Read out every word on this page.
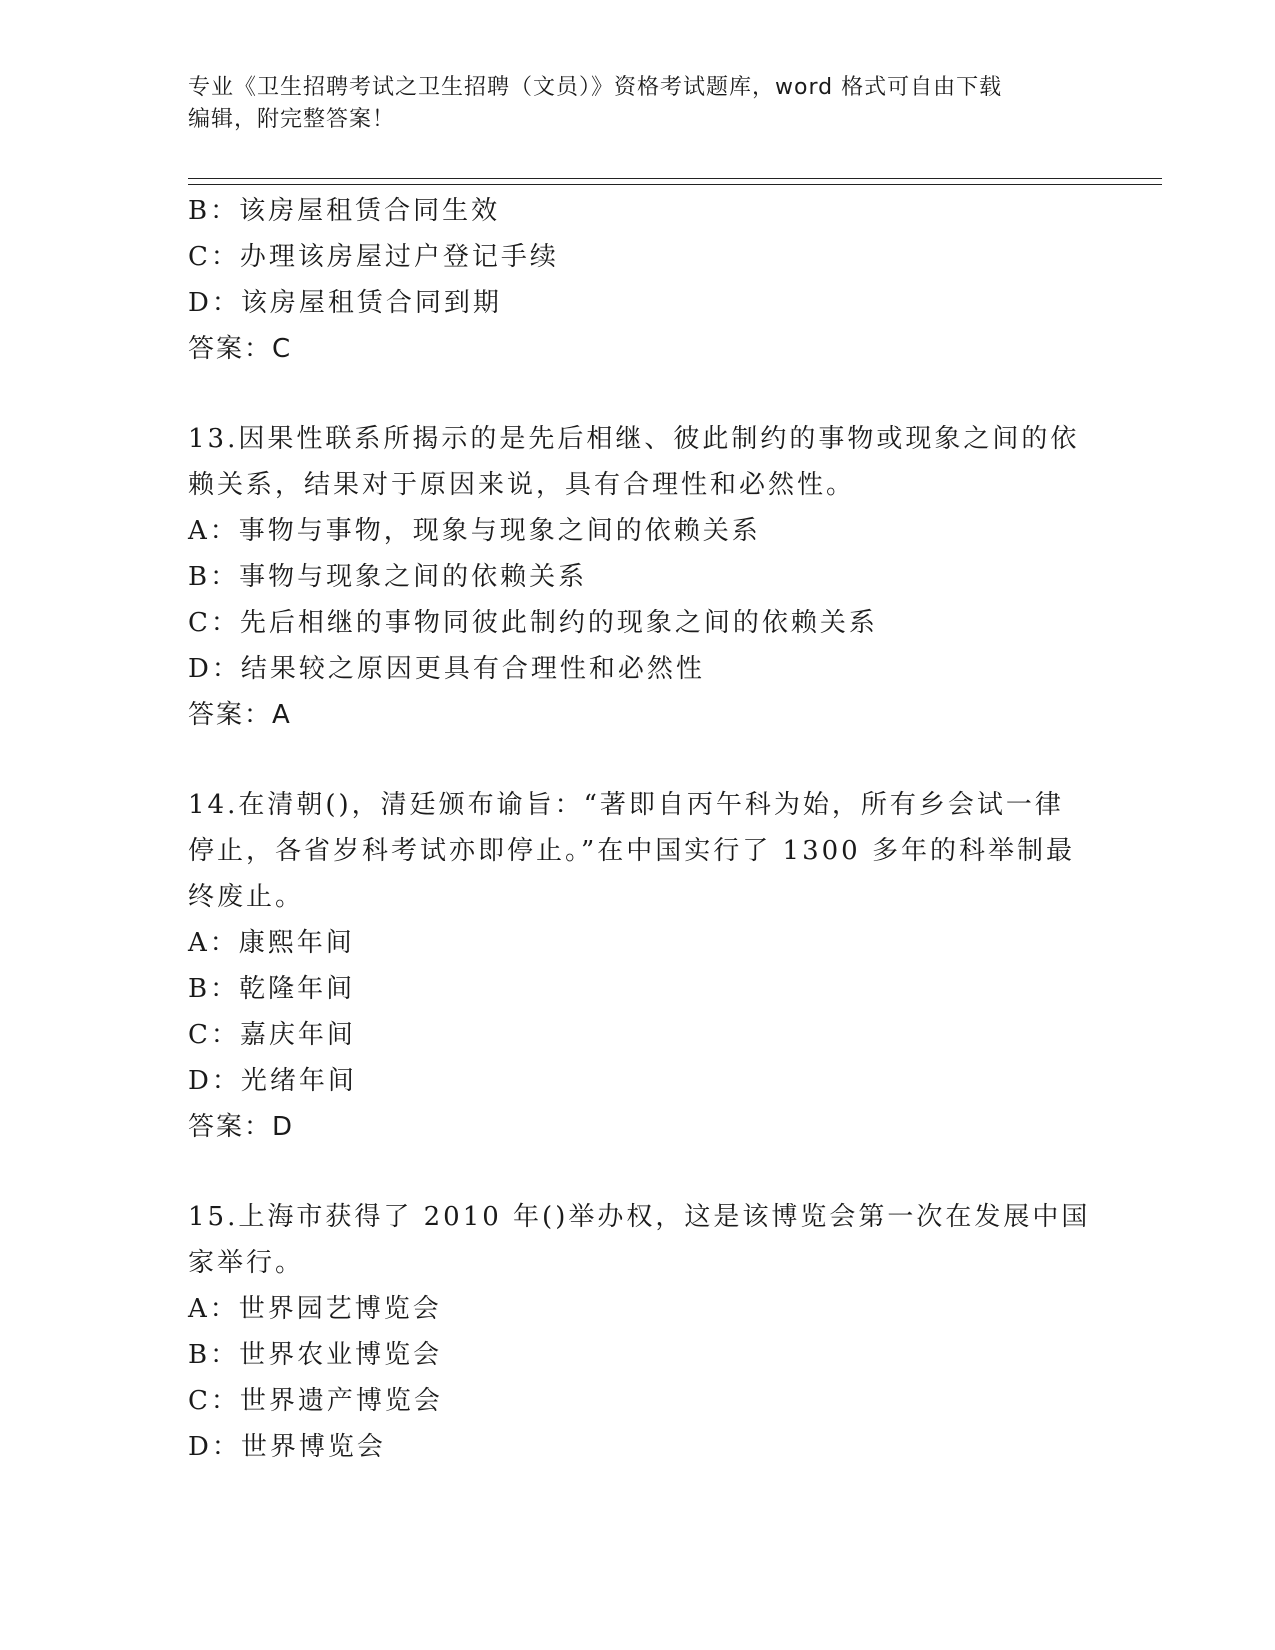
专业《卫生招聘考试之卫生招聘（文员）》资格考试题库，word 格式可自由下载
编辑，附完整答案！
B：该房屋租赁合同生效
C：办理该房屋过户登记手续
D：该房屋租赁合同到期
答案：C
13.因果性联系所揭示的是先后相继、彼此制约的事物或现象之间的依
赖关系，结果对于原因来说，具有合理性和必然性。
A：事物与事物，现象与现象之间的依赖关系
B：事物与现象之间的依赖关系
C：先后相继的事物同彼此制约的现象之间的依赖关系
D：结果较之原因更具有合理性和必然性
答案：A
14.在清朝()，清廷颁布谕旨：“著即自丙午科为始，所有乡会试一律
停止，各省岁科考试亦即停止。”在中国实行了 1300 多年的科举制最
终废止。
A：康熙年间
B：乾隆年间
C：嘉庆年间
D：光绪年间
答案：D
15.上海市获得了 2010 年()举办权，这是该博览会第一次在发展中国
家举行。
A：世界园艺博览会
B：世界农业博览会
C：世界遗产博览会
D：世界博览会
